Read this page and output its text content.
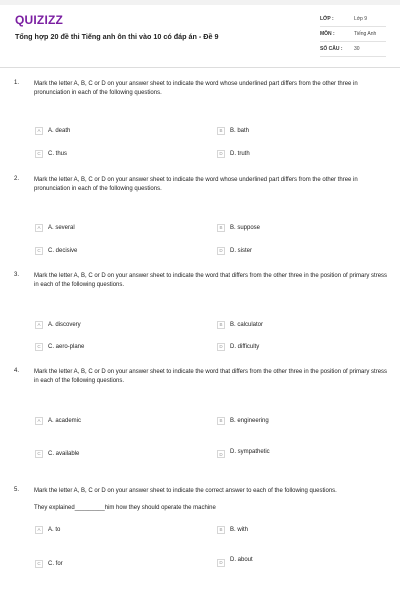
QUIZIZZ
Tổng hợp 20 đề thi Tiếng anh ôn thi vào 10 có đáp án - Đề 9
LỚP :	Lớp 9
MÔN :	Tiếng Anh
SỐ CÂU :	30
1. Mark the letter A, B, C or D on your answer sheet to indicate the word whose underlined part differs from the other three in pronunciation in each of the following questions.
A	A. death	B	B. bath
C	C. thus	D	D. truth
2. Mark the letter A, B, C or D on your answer sheet to indicate the word whose underlined part differs from the other three in pronunciation in each of the following questions.
A	A. several	B	B. suppose
C	C. decisive	D	D. sister
3. Mark the letter A, B, C or D on your answer sheet to indicate the word that differs from the other three in the position of primary stress in each of the following questions.
A	A. discovery	B	B. calculator
C	C. aero-plane	D	D. difficulty
4. Mark the letter A, B, C or D on your answer sheet to indicate the word that differs from the other three in the position of primary stress in each of the following questions.
A	A. academic	B	B. engineering
C	C. available	D	D. sympathetic
5. Mark the letter A, B, C or D on your answer sheet to indicate the correct answer to each of the following questions.
They explained_________him how they should operate the machine
A	A. to	B	B. with
C	C. for	D	D. about
